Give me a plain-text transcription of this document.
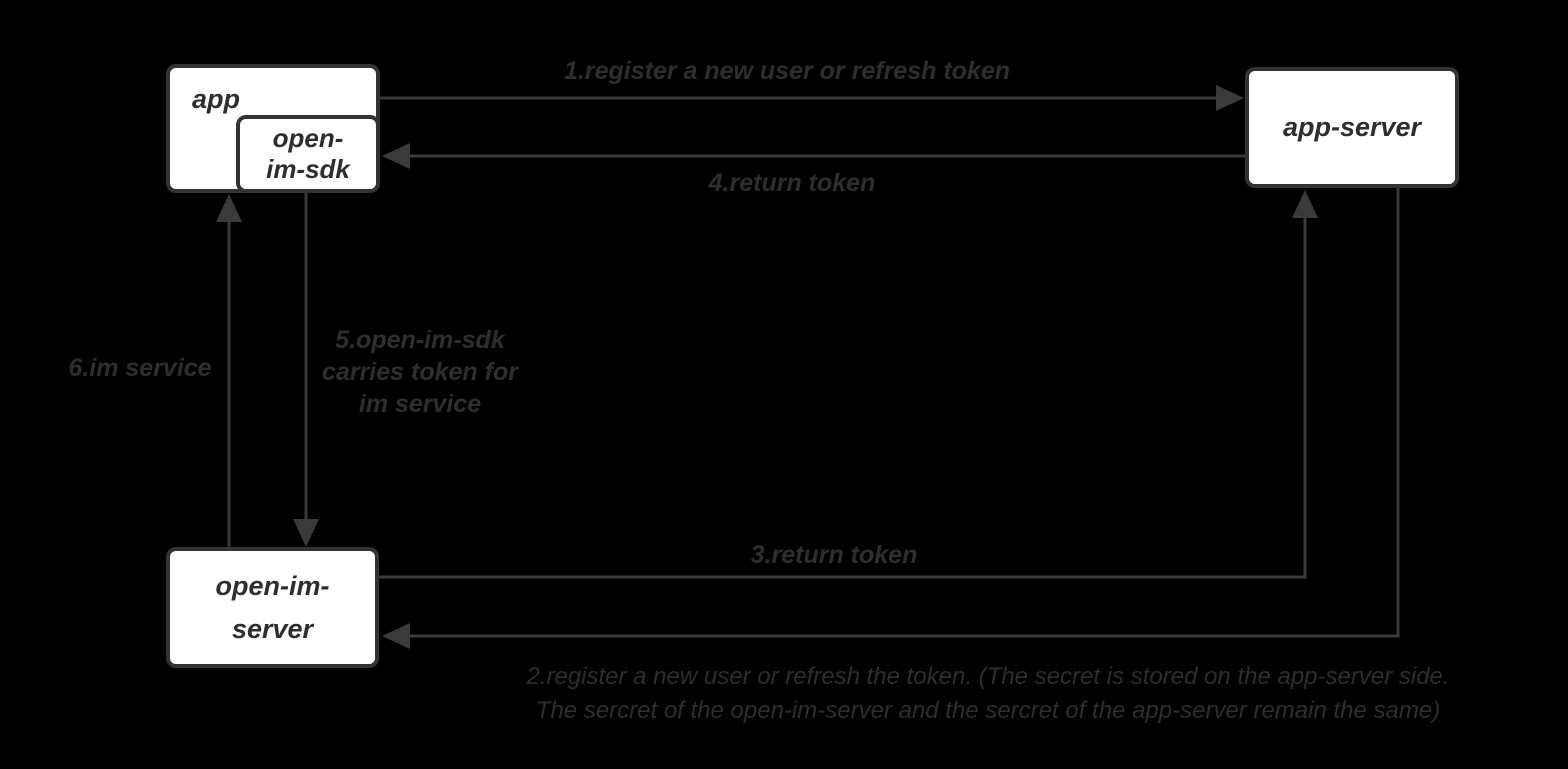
app
open-
im-sdk
app-server
open-im-
server
1.register a new user or refresh token
4.return token
6.im service
5.open-im-sdk
carries token for
im service
3.return token
2.register a new user or refresh the token. (The secret is stored on the app-server side.
The sercret of the open-im-server and the sercret of the app-server remain the same)
